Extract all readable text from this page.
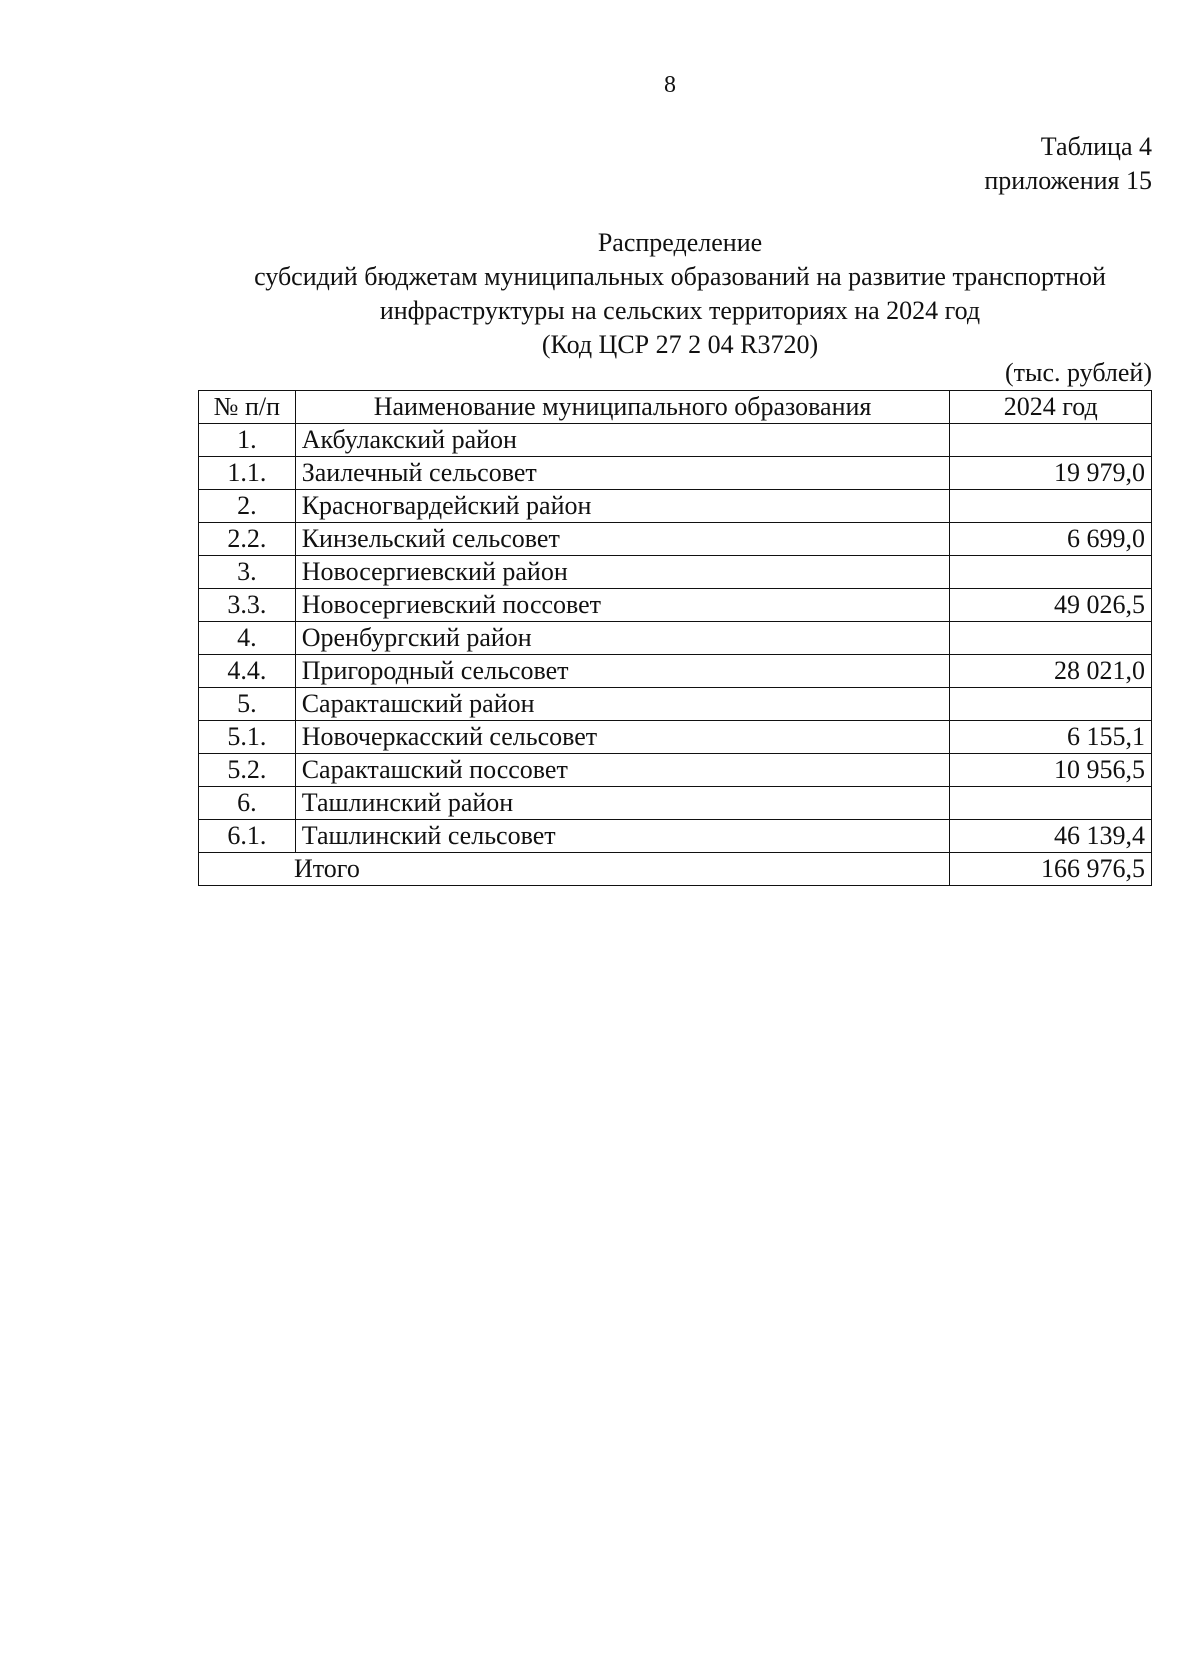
8
Таблица 4
приложения 15
Распределение
субсидий бюджетам муниципальных образований на развитие транспортной
инфраструктуры на сельских территориях на 2024 год
(Код ЦСР 27 2 04 R3720)
(тыс. рублей)
№ п/п	Наименование муниципального образования	2024 год
1.	Акбулакский район	
1.1.	Заилечный сельсовет	19 979,0
2.	Красногвардейский район	
2.2.	Кинзельский сельсовет	6 699,0
3.	Новосергиевский район	
3.3.	Новосергиевский поссовет	49 026,5
4.	Оренбургский район	
4.4.	Пригородный сельсовет	28 021,0
5.	Саракташский район	
5.1.	Новочеркасский сельсовет	6 155,1
5.2.	Саракташский поссовет	10 956,5
6.	Ташлинский район	
6.1.	Ташлинский сельсовет	46 139,4
Итого		166 976,5
